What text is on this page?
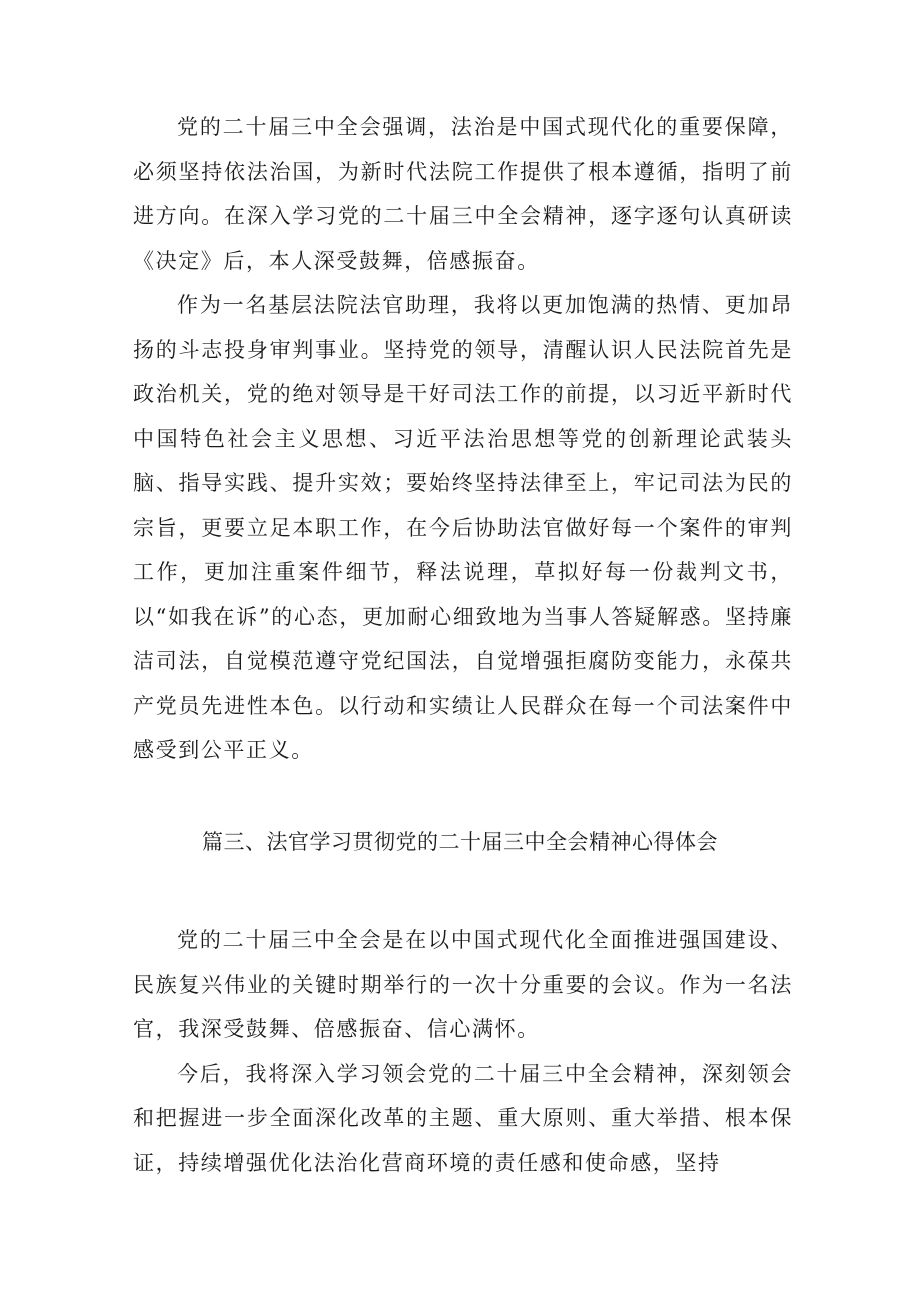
党的二十届三中全会强调，法治是中国式现代化的重要保障，必须坚持依法治国，为新时代法院工作提供了根本遵循，指明了前进方向。在深入学习党的二十届三中全会精神，逐字逐句认真研读《决定》后，本人深受鼓舞，倍感振奋。

作为一名基层法院法官助理，我将以更加饱满的热情、更加昂扬的斗志投身审判事业。坚持党的领导，清醒认识人民法院首先是政治机关，党的绝对领导是干好司法工作的前提，以习近平新时代中国特色社会主义思想、习近平法治思想等党的创新理论武装头脑、指导实践、提升实效；要始终坚持法律至上，牢记司法为民的宗旨，更要立足本职工作，在今后协助法官做好每一个案件的审判工作，更加注重案件细节，释法说理，草拟好每一份裁判文书，以“如我在诉”的心态，更加耐心细致地为当事人答疑解惑。坚持廉洁司法，自觉模范遵守党纪国法，自觉增强拒腐防变能力，永葆共产党员先进性本色。以行动和实绩让人民群众在每一个司法案件中感受到公平正义。

篇三、法官学习贯彻党的二十届三中全会精神心得体会

党的二十届三中全会是在以中国式现代化全面推进强国建设、民族复兴伟业的关键时期举行的一次十分重要的会议。作为一名法官，我深受鼓舞、倍感振奋、信心满怀。

今后，我将深入学习领会党的二十届三中全会精神，深刻领会和把握进一步全面深化改革的主题、重大原则、重大举措、根本保证，持续增强优化法治化营商环境的责任感和使命感，坚持
